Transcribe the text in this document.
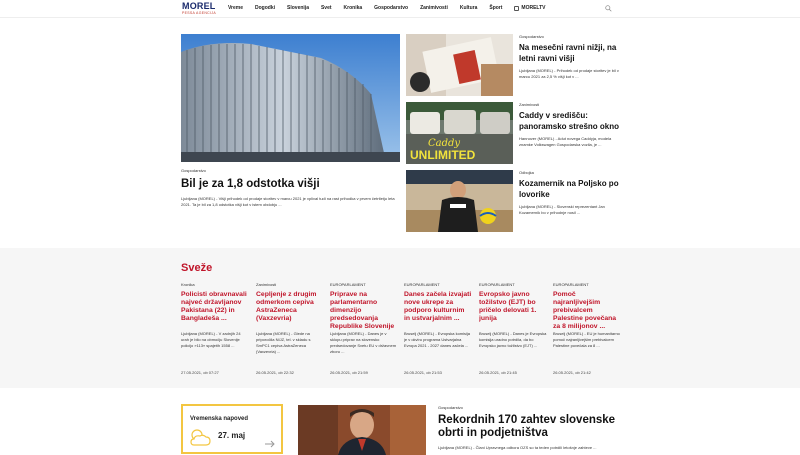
MOREL
PESSA AGENCIJA
Vreme Dogodki Slovenija Svet Kronika Gospodarstvo Zanimivosti Kultura Šport	MORELTV
Gospodarstvo
Bil je za 1,8 odstotka višji
Ljubljana (MOREL) - Višji prihodek od prodaje storitev v marcu 2021 je vplival tudi na rast prihodka v prvem četrtletju leta 2021. Ta je bil za 1,8 odstotka višji kot v istem obdobju ...
Gospodarstvo
Na mesečni ravni nižji, na letni ravni višji
Ljubljana (MOREL) - Prihodek od prodaje storitev je bil v marcu 2021 za 2,5 % višji kot v ...
Caddy
UNLIMITED
Zanimivosti
Caddy v središču: panoramsko strešno okno
Hannover (MOREL) - Adut novega Caddyja, modela znamke Volkswagen Gospodarska vozila, je ...
Odbojka
Kozamernik na Poljsko po lovorike
Ljubljana (MOREL) - Slovenski reprezentant Jan Kozamernik bo v prihodnje nosil ...
Sveže
Kronika
Policisti obravnavali najveć državljanov Pakistana (22) in Bangladeša ...
Ljubljana (MOREL) - V zadnjih 24 urah je bilo na območju Slovenije policijo »113« spajetih 1558 ...
27.05.2021, ob 07:27
Zanimivosti
Cepljenje z drugim odmerkom cepiva AstraZeneca (Vaxzevria)
Ljubljana (MOREL) - Glede na priporočila NIJZ, tel. v skladu s SmPC1 cepiva AstraZeneca (Vaxzevria) ...
26.05.2021, ob 22:32
EUROPARLAMENT
Priprave na parlamentarno dimenzijo predsedovanja Republike Slovenije
Ljubljana (MOREL) - Danes je v sklopu priprav na slovensko predsedovanje Svetu EU v državnem zboru ...
26.05.2021, ob 21:59
EUROPARLAMENT
Danes začela izvajati nove ukrepe za podporo kulturnim in ustvarjalnim ...
Bruselj (MOREL) - Evropska komisija je v okviru programa Ustvarjalna Evropa 2021 - 2027 danes začela ...
26.05.2021, ob 21:53
EUROPARLAMENT
Evropsko javno tožilstvo (EJT) bo pričelo delovati 1. junija
Bruselj (MOREL) - Danes je Evropska komisija uradno potrdila, da bo Evropsko javno tožilstvo (EJT) ...
26.05.2021, ob 21:45
EUROPARLAMENT
Pomoč najranljivejšim prebivalcem Palestine povečana za 8 milijonov ...
Bruselj (MOREL) - EU je humanitarno pomoč najranljivejšim prebivalcem Palestine povečala za 8 ...
26.05.2021, ob 21:42
Vremenska napoved
27. maj
Gospodarstvo
Rekordnih 170 zahtev slovenske obrti in podjetništva
Ljubljana (MOREL) - Člani Upravnega odbora OZS so ta teden potrdili letošnje zahteve ...
